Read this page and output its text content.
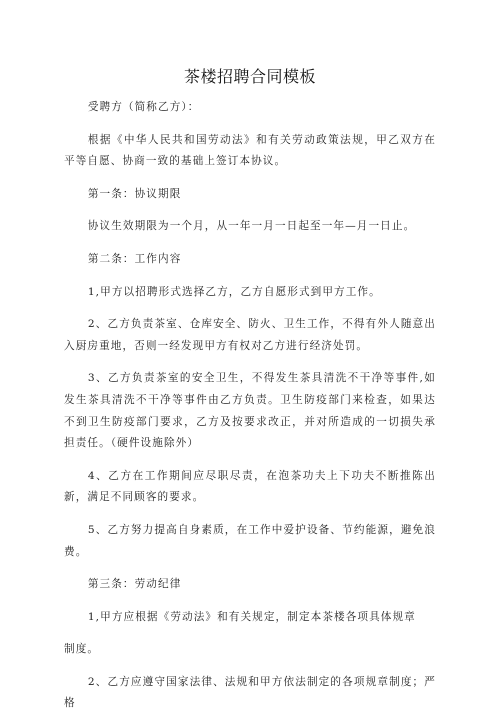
茶楼招聘合同模板

受聘方（简称乙方）：

根据《中华人民共和国劳动法》和有关劳动政策法规，甲乙双方在平等自愿、协商一致的基础上签订本协议。

第一条：协议期限

协议生效期限为一个月，从一年一月一日起至一年—月一日止。

第二条：工作内容

1,甲方以招聘形式选择乙方，乙方自愿形式到甲方工作。

2、乙方负责茶室、仓库安全、防火、卫生工作，不得有外人随意出入厨房重地，否则一经发现甲方有权对乙方进行经济处罚。

3、乙方负责茶室的安全卫生，不得发生茶具清洗不干净等事件,如发生茶具清洗不干净等事件由乙方负责。卫生防疫部门来检查，如果达不到卫生防疫部门要求，乙方及按要求改正，并对所造成的一切损失承担责任。（硬件设施除外）

4、乙方在工作期间应尽职尽责，在泡茶功夫上下功夫不断推陈出新，满足不同顾客的要求。

5、乙方努力提高自身素质，在工作中爱护设备、节约能源，避免浪费。

第三条：劳动纪律

1,甲方应根据《劳动法》和有关规定，制定本茶楼各项具体规章

制度。

2、乙方应遵守国家法律、法规和甲方依法制定的各项规章制度；严格
